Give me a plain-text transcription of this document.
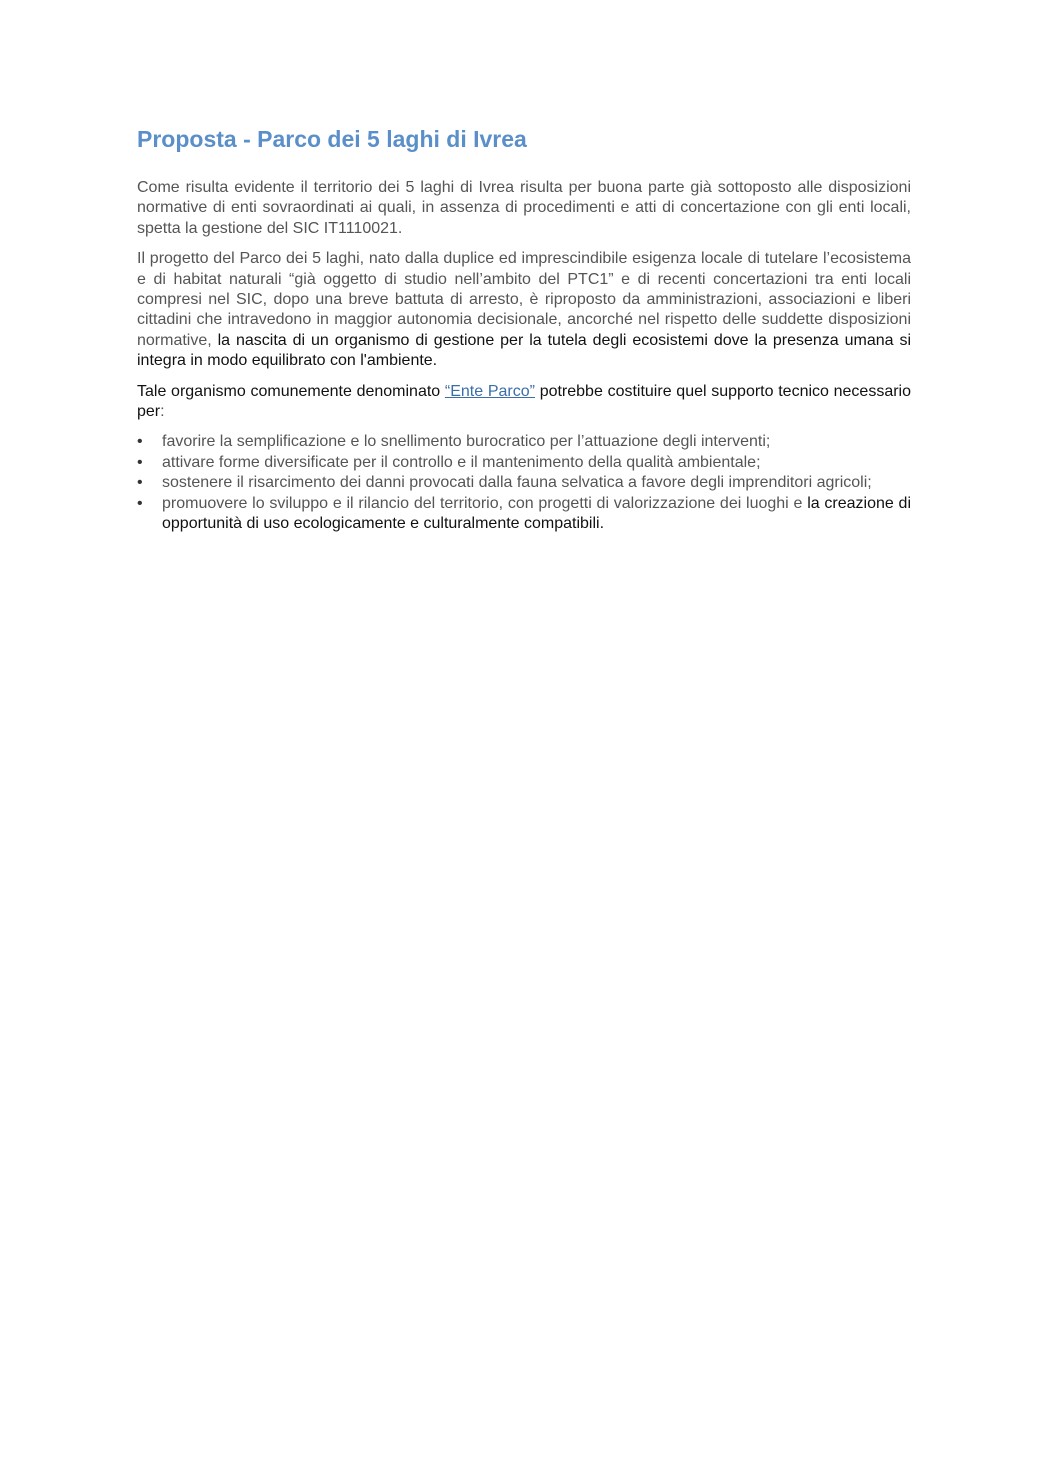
Proposta - Parco dei 5 laghi di Ivrea

Come risulta evidente il territorio dei 5 laghi di Ivrea risulta per buona parte già sottoposto alle disposizioni normative di enti sovraordinati ai quali, in assenza di procedimenti e atti di concertazione con gli enti locali, spetta la gestione del SIC IT1110021.

Il progetto del Parco dei 5 laghi, nato dalla duplice ed imprescindibile esigenza locale di tutelare l’ecosistema e di habitat naturali “già oggetto di studio nell’ambito del PTC1” e di recenti concertazioni tra enti locali compresi nel SIC, dopo una breve battuta di arresto, è riproposto da amministrazioni, associazioni e liberi cittadini che intravedono in maggior autonomia decisionale, ancorché nel rispetto delle suddette disposizioni normative, la nascita di un organismo di gestione per la tutela degli ecosistemi dove la presenza umana si integra in modo equilibrato con l'ambiente.

Tale organismo comunemente denominato “Ente Parco” potrebbe costituire quel supporto tecnico necessario per:

• favorire la semplificazione e lo snellimento burocratico per l’attuazione degli interventi;
• attivare forme diversificate per il controllo e il mantenimento della qualità ambientale;
• sostenere il risarcimento dei danni provocati dalla fauna selvatica a favore degli imprenditori agricoli;
• promuovere lo sviluppo e il rilancio del territorio, con progetti di valorizzazione dei luoghi e la creazione di opportunità di uso ecologicamente e culturalmente compatibili.
